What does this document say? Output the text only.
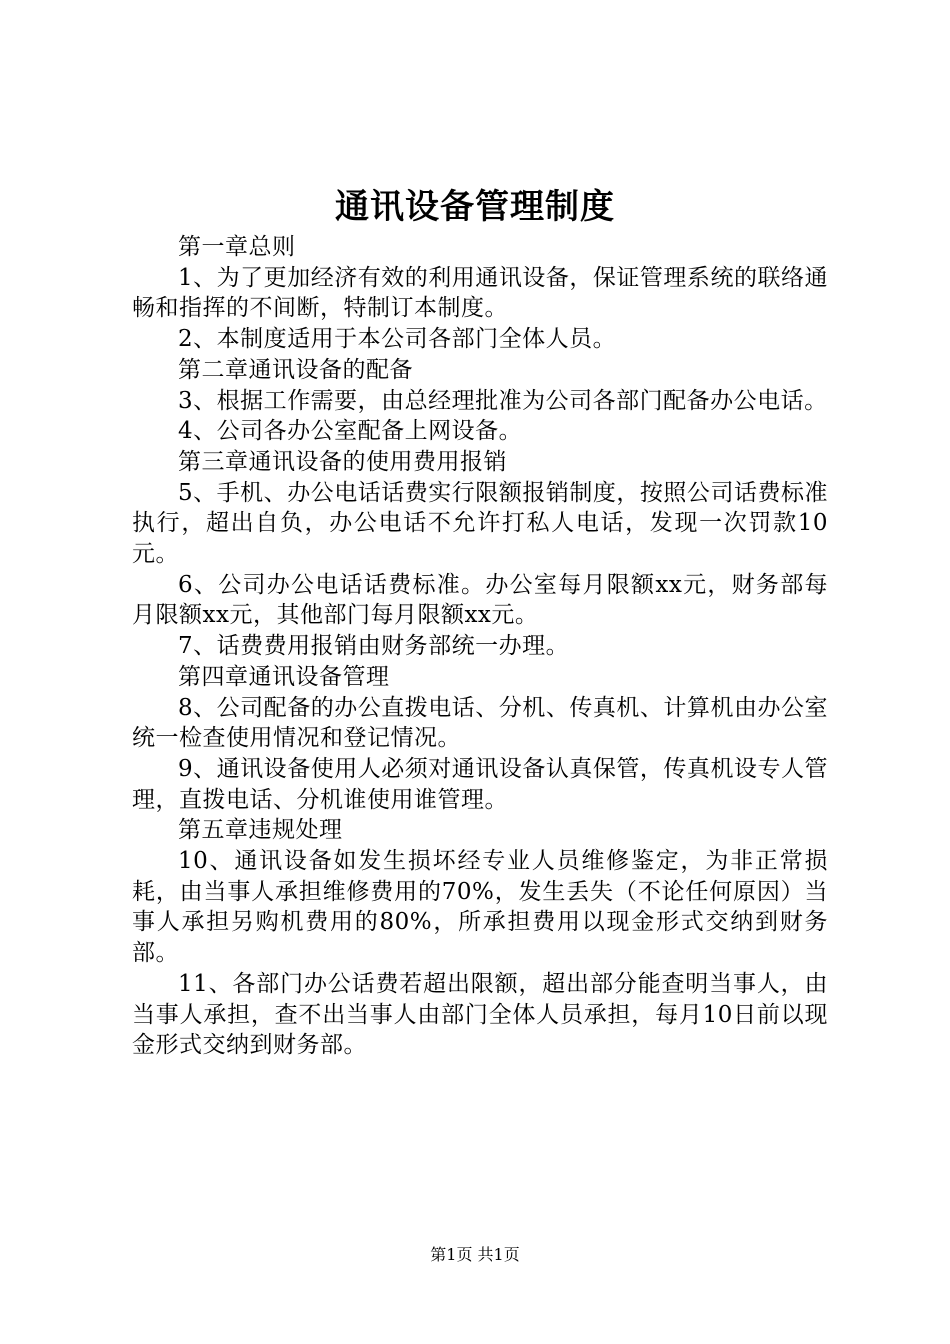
通讯设备管理制度

第一章总则

1、为了更加经济有效的利用通讯设备，保证管理系统的联络通畅和指挥的不间断，特制订本制度。

2、本制度适用于本公司各部门全体人员。

第二章通讯设备的配备

3、根据工作需要，由总经理批准为公司各部门配备办公电话。

4、公司各办公室配备上网设备。

第三章通讯设备的使用费用报销

5、手机、办公电话话费实行限额报销制度，按照公司话费标准执行，超出自负，办公电话不允许打私人电话，发现一次罚款10元。

6、公司办公电话话费标准。办公室每月限额xx元，财务部每月限额xx元，其他部门每月限额xx元。

7、话费费用报销由财务部统一办理。

第四章通讯设备管理

8、公司配备的办公直拨电话、分机、传真机、计算机由办公室统一检查使用情况和登记情况。

9、通讯设备使用人必须对通讯设备认真保管，传真机设专人管理，直拨电话、分机谁使用谁管理。

第五章违规处理

10、通讯设备如发生损坏经专业人员维修鉴定，为非正常损耗，由当事人承担维修费用的70%，发生丢失（不论任何原因）当事人承担另购机费用的80%，所承担费用以现金形式交纳到财务部。

11、各部门办公话费若超出限额，超出部分能查明当事人，由当事人承担，查不出当事人由部门全体人员承担，每月10日前以现金形式交纳到财务部。

第1页 共1页
